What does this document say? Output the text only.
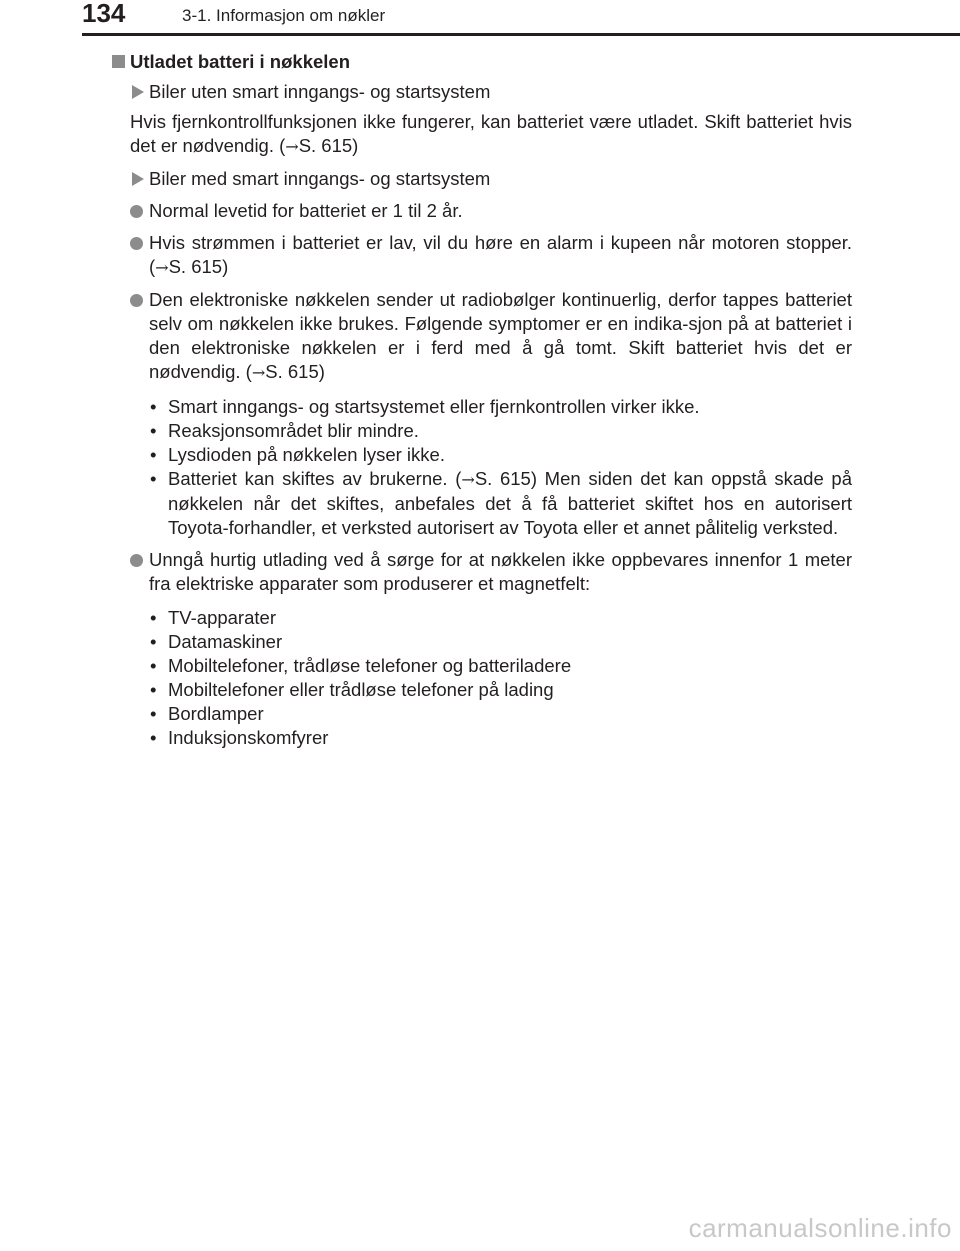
134	3-1. Informasjon om nøkler
Utladet batteri i nøkkelen
Biler uten smart inngangs- og startsystem
Hvis fjernkontrollfunksjonen ikke fungerer, kan batteriet være utladet. Skift batteriet hvis det er nødvendig. (→S. 615)
Biler med smart inngangs- og startsystem
Normal levetid for batteriet er 1 til 2 år.
Hvis strømmen i batteriet er lav, vil du høre en alarm i kupeen når motoren stopper. (→S. 615)
Den elektroniske nøkkelen sender ut radiobølger kontinuerlig, derfor tappes batteriet selv om nøkkelen ikke brukes. Følgende symptomer er en indika-sjon på at batteriet i den elektroniske nøkkelen er i ferd med å gå tomt. Skift batteriet hvis det er nødvendig. (→S. 615)
• Smart inngangs- og startsystemet eller fjernkontrollen virker ikke.
• Reaksjonsområdet blir mindre.
• Lysdioden på nøkkelen lyser ikke.
• Batteriet kan skiftes av brukerne. (→S. 615) Men siden det kan oppstå skade på nøkkelen når det skiftes, anbefales det å få batteriet skiftet hos en autorisert Toyota-forhandler, et verksted autorisert av Toyota eller et annet pålitelig verksted.
Unngå hurtig utlading ved å sørge for at nøkkelen ikke oppbevares innenfor 1 meter fra elektriske apparater som produserer et magnetfelt:
• TV-apparater
• Datamaskiner
• Mobiltelefoner, trådløse telefoner og batteriladere
• Mobiltelefoner eller trådløse telefoner på lading
• Bordlamper
• Induksjonskomfyrer
carmanualsonline.info
